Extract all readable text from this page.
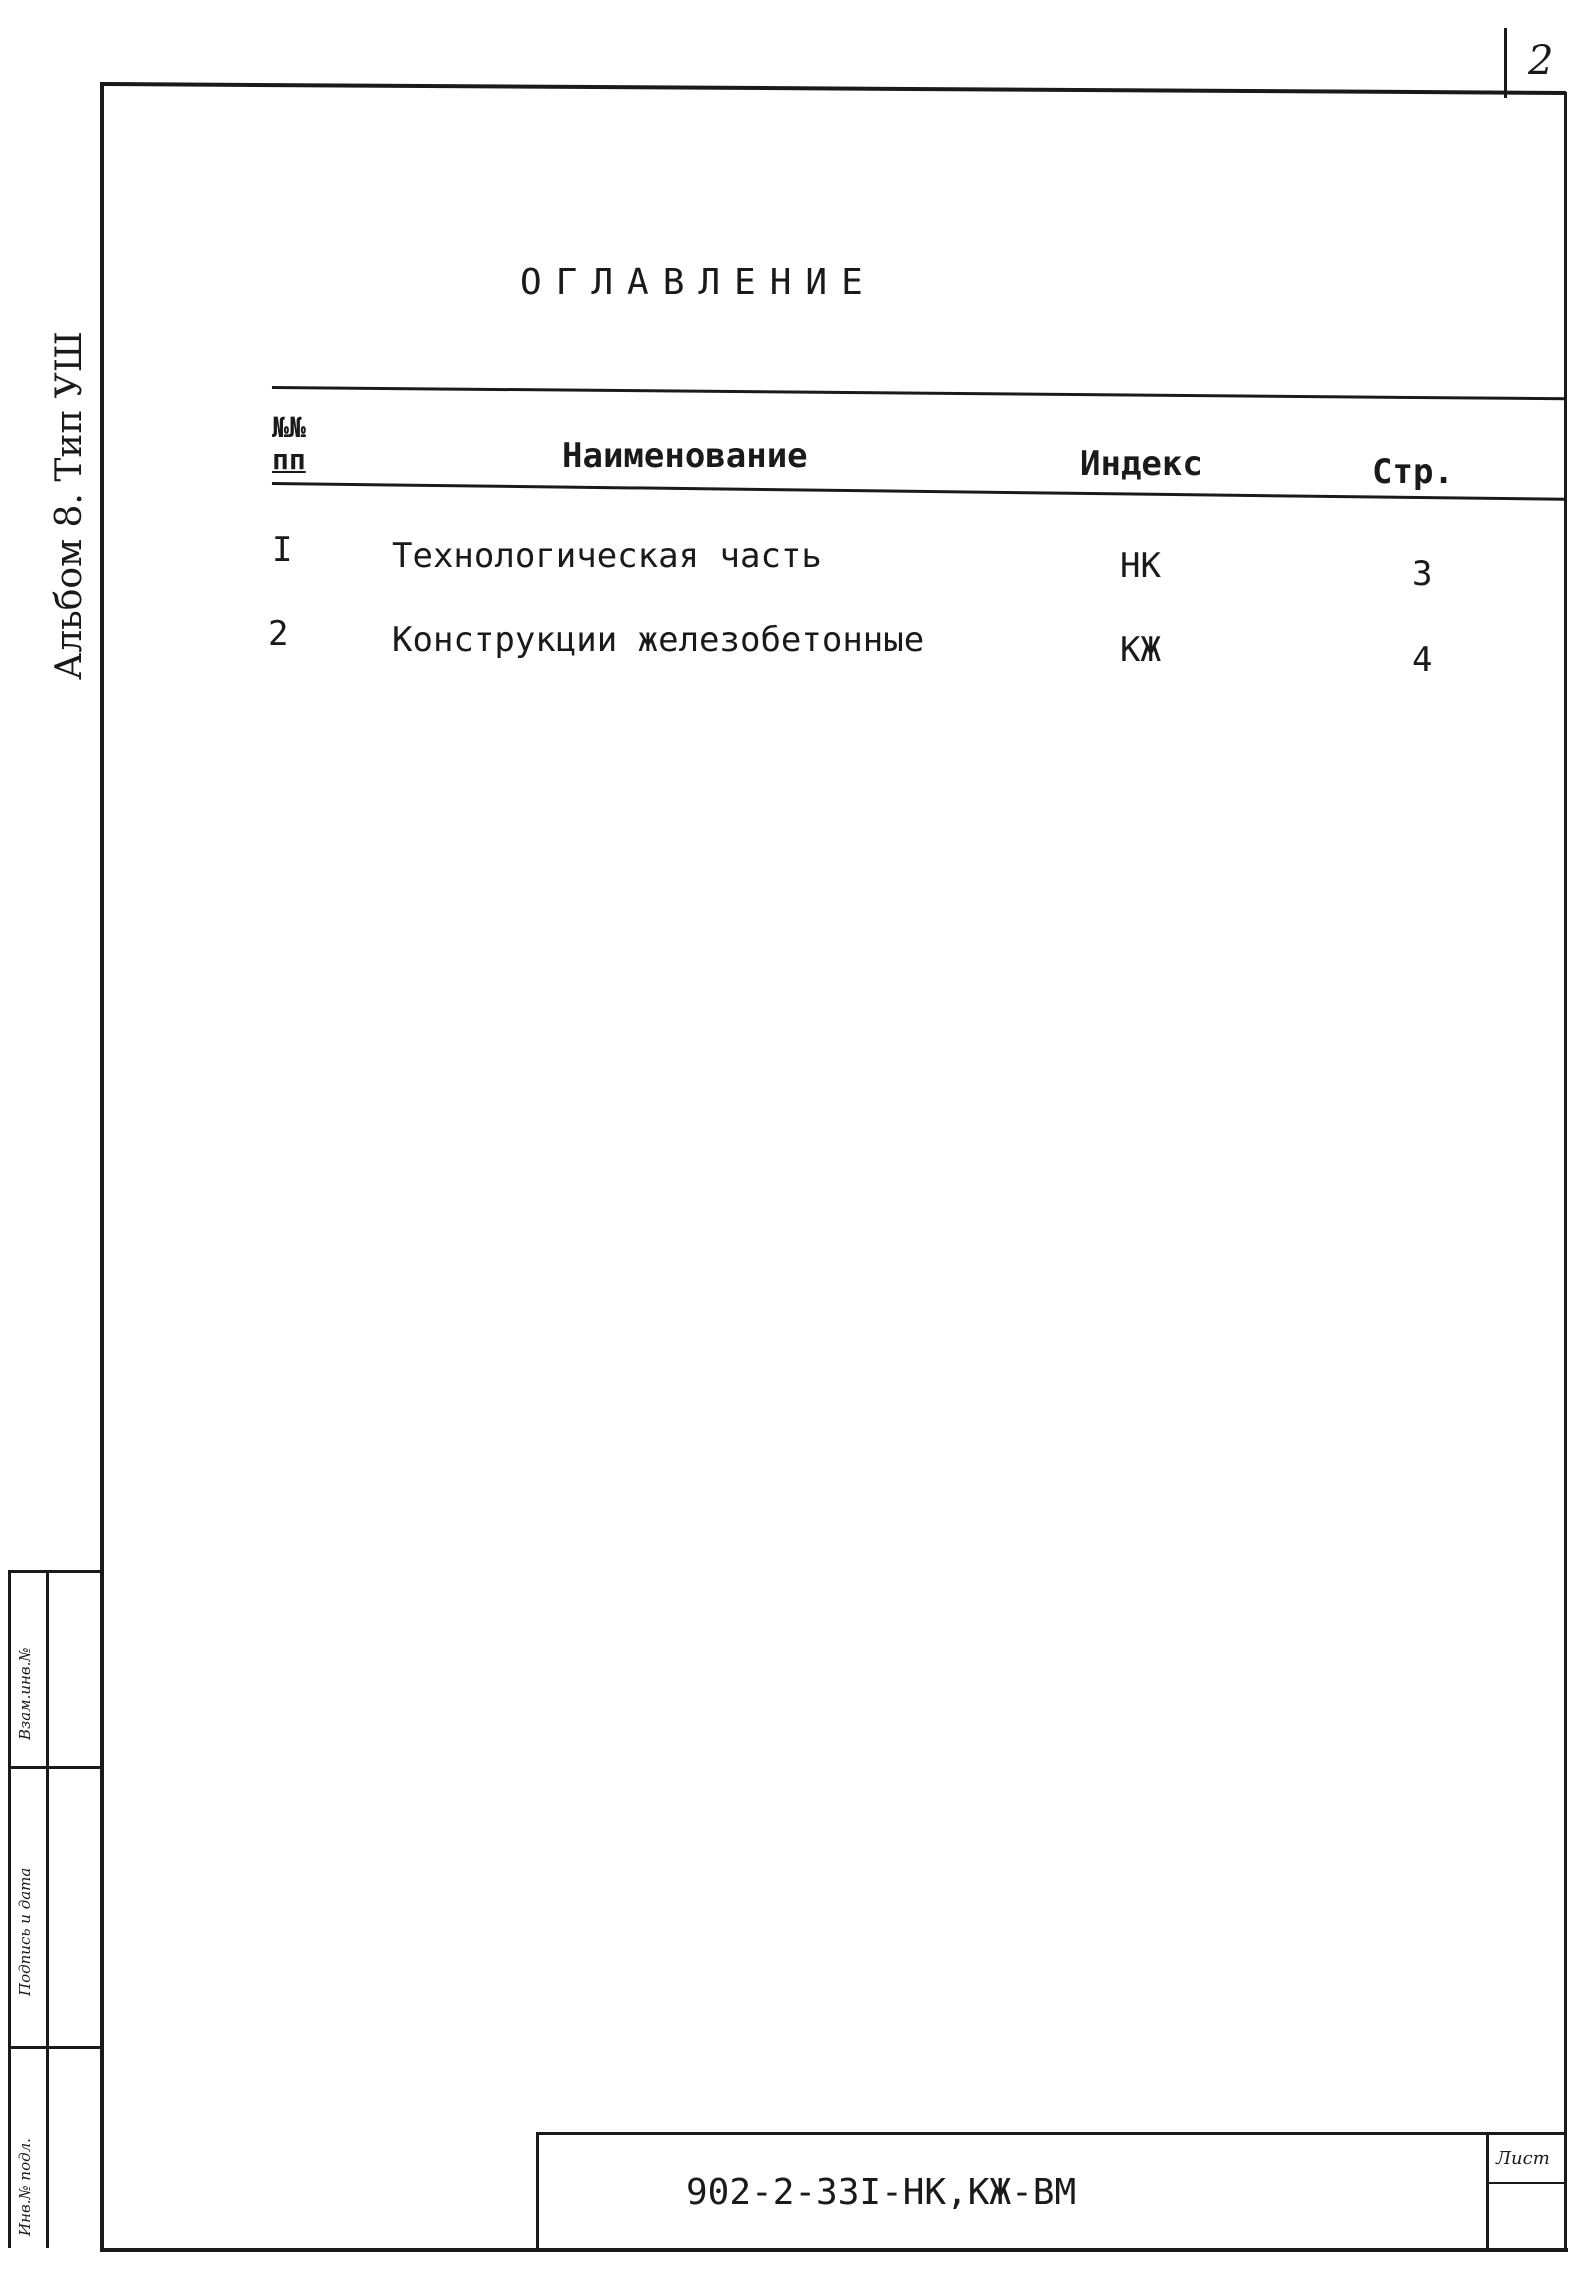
2
Альбом 8. Тип УШ
ОГЛАВЛЕНИЕ
№№
пп	Наименование	Индекс	Стр.
I	Технологическая часть	НК	3
2	Конструкции железобетонные	КЖ	4
Взам.инв.№
Подпись и дата
Инв.№ подл.	902-2-33I-НК,КЖ-ВМ
Лист
